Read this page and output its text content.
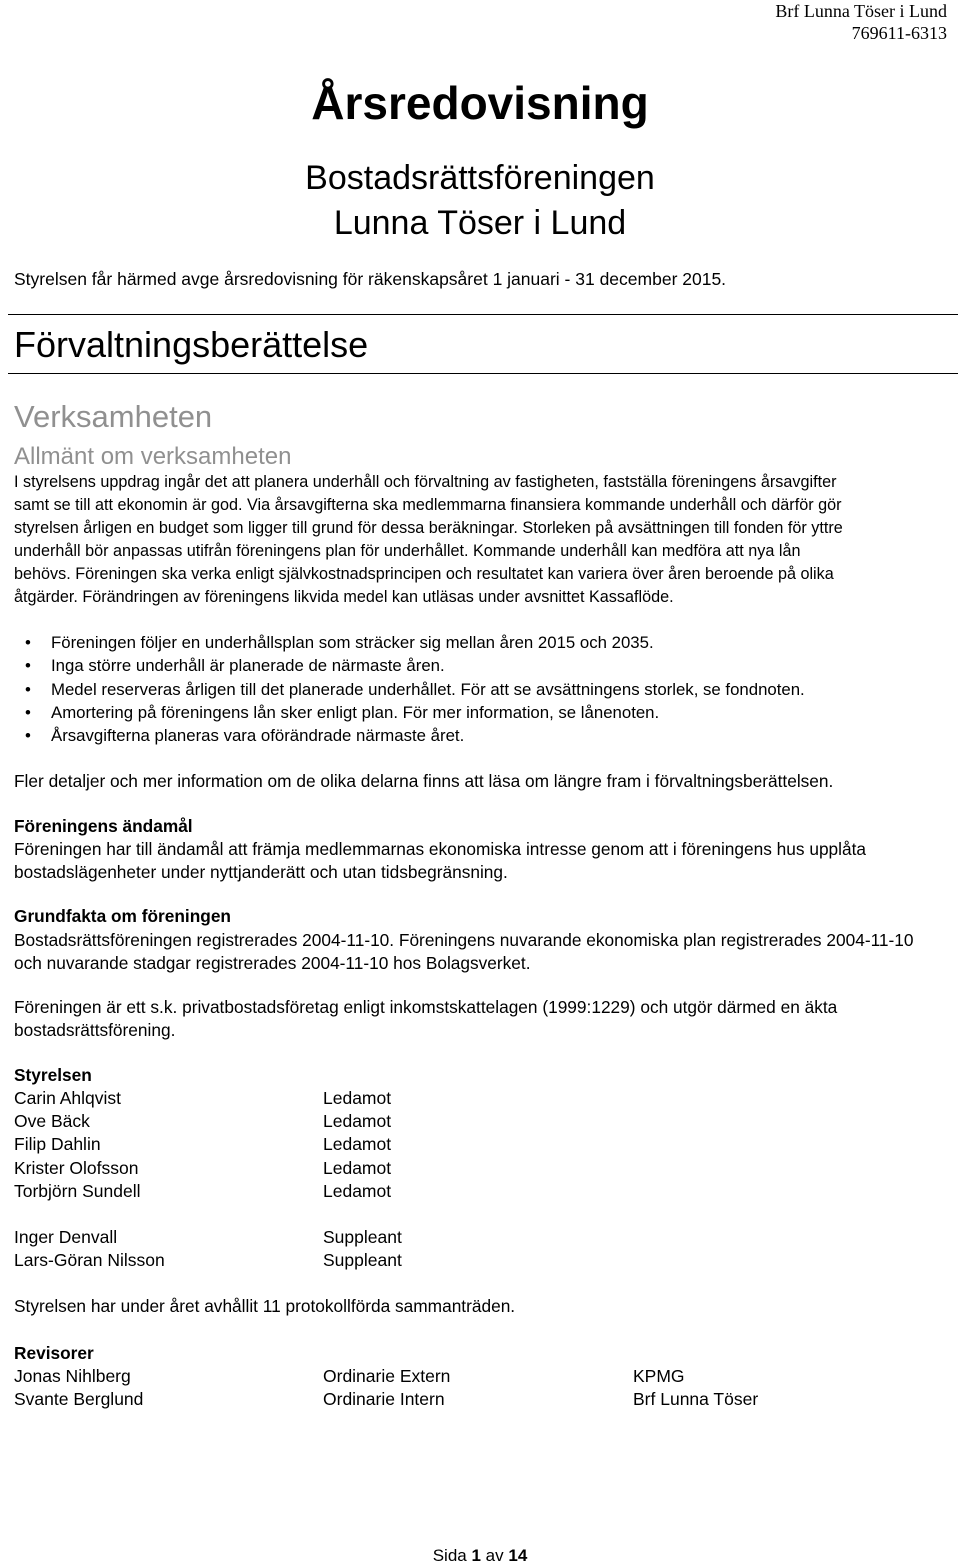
Brf Lunna Töser i Lund
769611-6313
Årsredovisning
Bostadsrättsföreningen
Lunna Töser i Lund
Styrelsen får härmed avge årsredovisning för räkenskapsåret 1 januari - 31 december 2015.
Förvaltningsberättelse
Verksamheten
Allmänt om verksamheten
I styrelsens uppdrag ingår det att planera underhåll och förvaltning av fastigheten, fastställa föreningens årsavgifter
samt se till att ekonomin är god. Via årsavgifterna ska medlemmarna finansiera kommande underhåll och därför gör
styrelsen årligen en budget som ligger till grund för dessa beräkningar. Storleken på avsättningen till fonden för yttre
underhåll bör anpassas utifrån föreningens plan för underhållet. Kommande underhåll kan medföra att nya lån
behövs. Föreningen ska verka enligt självkostnadsprincipen och resultatet kan variera över åren beroende på olika
åtgärder. Förändringen av föreningens likvida medel kan utläsas under avsnittet Kassaflöde.
• Föreningen följer en underhållsplan som sträcker sig mellan åren 2015 och 2035.
• Inga större underhåll är planerade de närmaste åren.
• Medel reserveras årligen till det planerade underhållet. För att se avsättningens storlek, se fondnoten.
• Amortering på föreningens lån sker enligt plan. För mer information, se lånenoten.
• Årsavgifterna planeras vara oförändrade närmaste året.
Fler detaljer och mer information om de olika delarna finns att läsa om längre fram i förvaltningsberättelsen.
Föreningens ändamål
Föreningen har till ändamål att främja medlemmarnas ekonomiska intresse genom att i föreningens hus upplåta
bostadslägenheter under nyttjanderätt och utan tidsbegränsning.
Grundfakta om föreningen
Bostadsrättsföreningen registrerades 2004-11-10. Föreningens nuvarande ekonomiska plan registrerades 2004-11-10
och nuvarande stadgar registrerades 2004-11-10 hos Bolagsverket.
Föreningen är ett s.k. privatbostadsföretag enligt inkomstskattelagen (1999:1229) och utgör därmed en äkta
bostadsrättsförening.
Styrelsen
Carin Ahlqvist	Ledamot
Ove Bäck	Ledamot
Filip Dahlin	Ledamot
Krister Olofsson	Ledamot
Torbjörn Sundell	Ledamot
Inger Denvall	Suppleant
Lars-Göran Nilsson	Suppleant
Styrelsen har under året avhållit 11 protokollförda sammanträden.
Revisorer
Jonas Nihlberg	Ordinarie Extern	KPMG
Svante Berglund	Ordinarie Intern	Brf Lunna Töser
Sida 1 av 14
